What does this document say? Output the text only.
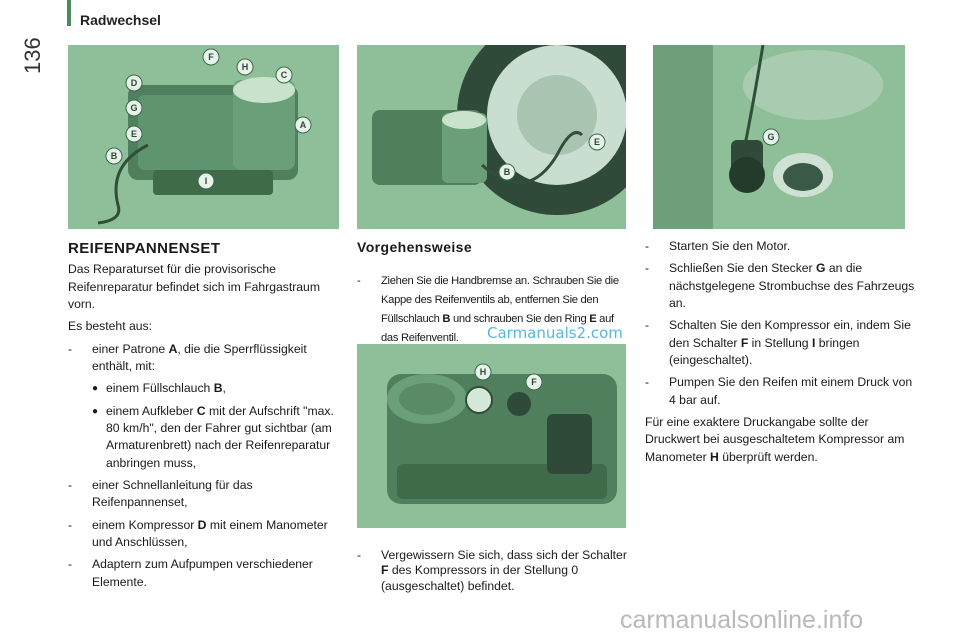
136
Radwechsel
D
F
H
C
G
A
E
B
I
E
B
G
H
F
REIFENPANNENSET

Das Reparaturset für die provisorische Reifenreparatur befindet sich im Fahrgastraum vorn.

Es besteht aus:

-	einer Patrone A, die die Sperrflüssigkeit enthält, mit:
● einem Füllschlauch B,
● einem Aufkleber C mit der Aufschrift "max. 80 km/h", den der Fahrer gut sichtbar (am Armaturenbrett) nach der Reifenreparatur anbringen muss,
-	einer Schnellanleitung für das Reifenpannenset,
-	einem Kompressor D mit einem Manometer und Anschlüssen,
-	Adaptern zum Aufpumpen verschiedener Elemente.
Vorgehensweise
-	Ziehen Sie die Handbremse an. Schrauben Sie die Kappe des Reifenventils ab, entfernen Sie den Füllschlauch B und schrauben Sie den Ring E auf das Reifenventil.
-	Vergewissern Sie sich, dass sich der Schalter F des Kompressors in der Stellung 0 (ausgeschaltet) befindet.
-	Starten Sie den Motor.
-	Schließen Sie den Stecker G an die nächstgelegene Strombuchse des Fahrzeugs an.
-	Schalten Sie den Kompressor ein, indem Sie den Schalter F in Stellung I bringen (eingeschaltet).
-	Pumpen Sie den Reifen mit einem Druck von 4 bar auf.

Für eine exaktere Druckangabe sollte der Druckwert bei ausgeschaltetem Kompressor am Manometer H überprüft werden.

Carmanuals2.com
carmanualsonline.info
